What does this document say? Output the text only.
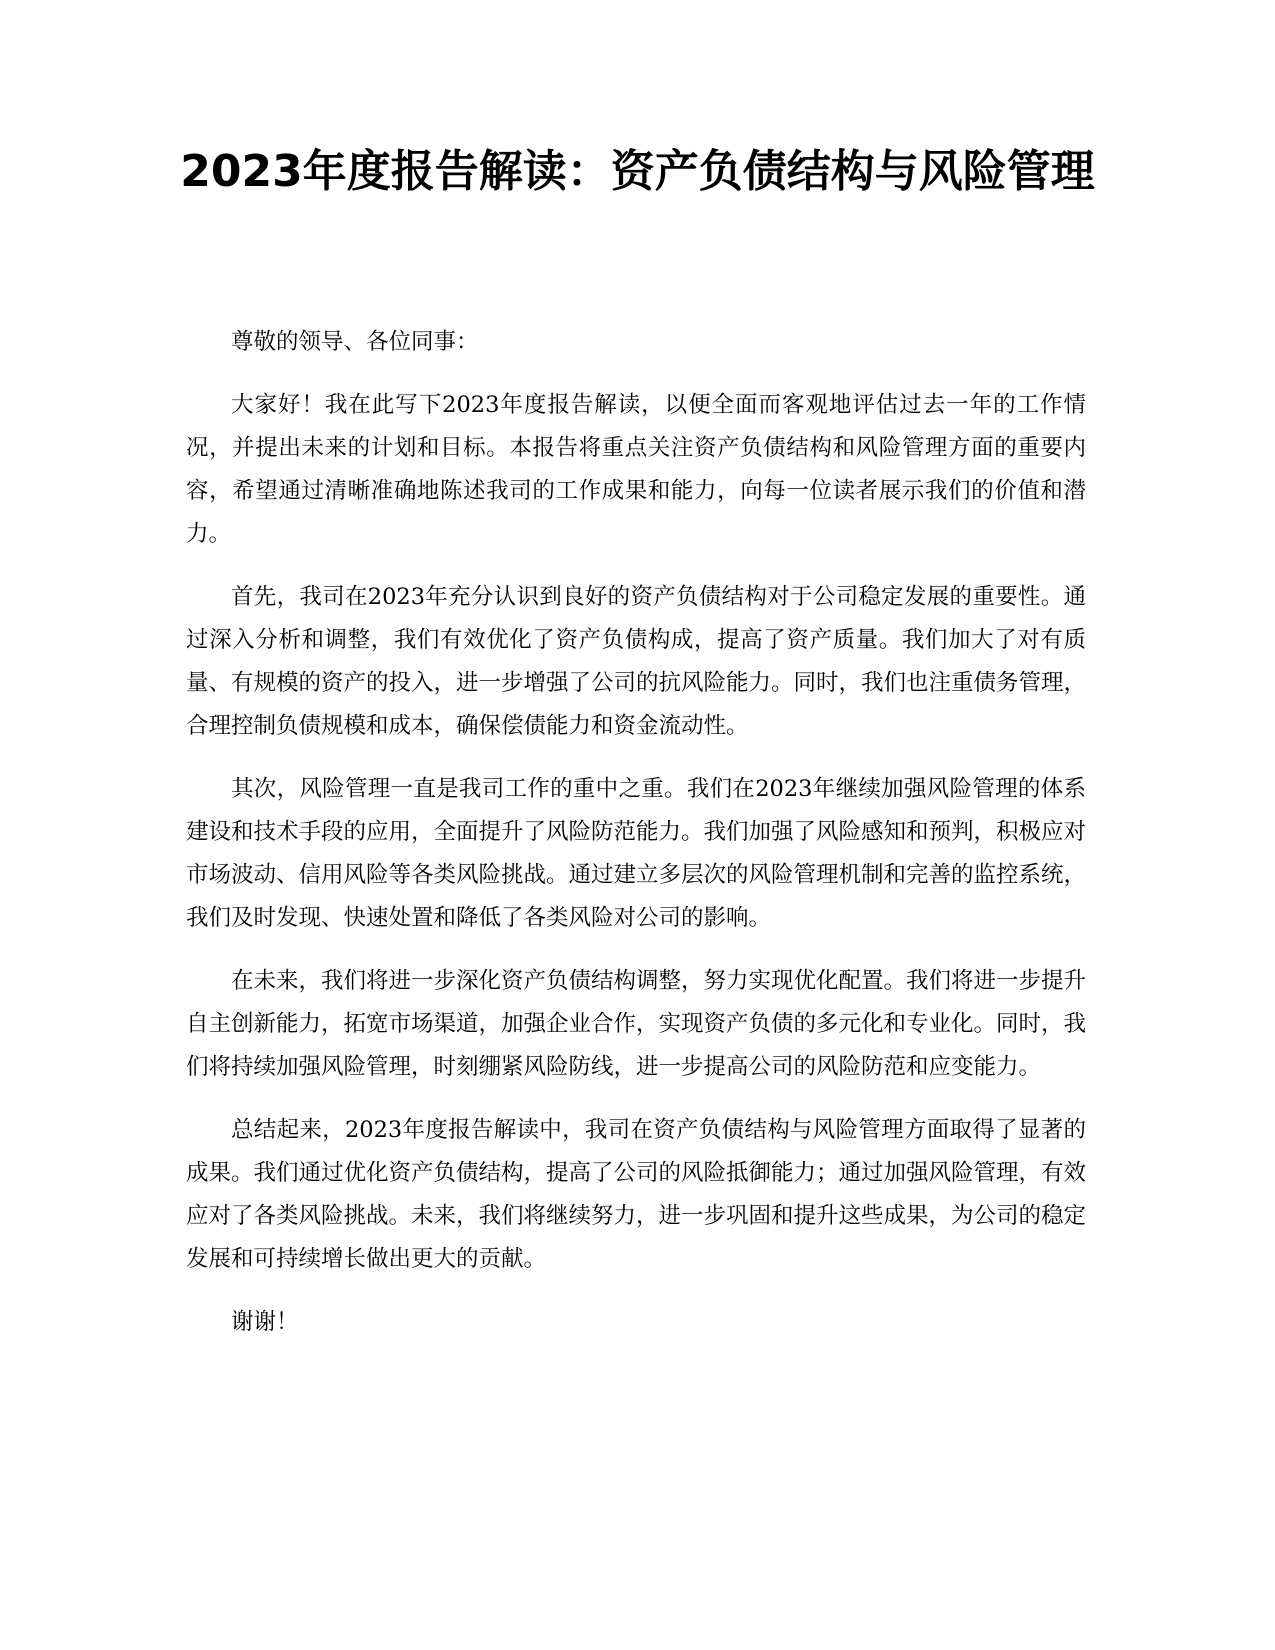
2023年度报告解读：资产负债结构与风险管理

尊敬的领导、各位同事：

大家好！我在此写下2023年度报告解读，以便全面而客观地评估过去一年的工作情况，并提出未来的计划和目标。本报告将重点关注资产负债结构和风险管理方面的重要内容，希望通过清晰准确地陈述我司的工作成果和能力，向每一位读者展示我们的价值和潜力。

首先，我司在2023年充分认识到良好的资产负债结构对于公司稳定发展的重要性。通过深入分析和调整，我们有效优化了资产负债构成，提高了资产质量。我们加大了对有质量、有规模的资产的投入，进一步增强了公司的抗风险能力。同时，我们也注重债务管理，合理控制负债规模和成本，确保偿债能力和资金流动性。

其次，风险管理一直是我司工作的重中之重。我们在2023年继续加强风险管理的体系建设和技术手段的应用，全面提升了风险防范能力。我们加强了风险感知和预判，积极应对市场波动、信用风险等各类风险挑战。通过建立多层次的风险管理机制和完善的监控系统，我们及时发现、快速处置和降低了各类风险对公司的影响。

在未来，我们将进一步深化资产负债结构调整，努力实现优化配置。我们将进一步提升自主创新能力，拓宽市场渠道，加强企业合作，实现资产负债的多元化和专业化。同时，我们将持续加强风险管理，时刻绷紧风险防线，进一步提高公司的风险防范和应变能力。

总结起来，2023年度报告解读中，我司在资产负债结构与风险管理方面取得了显著的成果。我们通过优化资产负债结构，提高了公司的风险抵御能力；通过加强风险管理，有效应对了各类风险挑战。未来，我们将继续努力，进一步巩固和提升这些成果，为公司的稳定发展和可持续增长做出更大的贡献。

谢谢！
